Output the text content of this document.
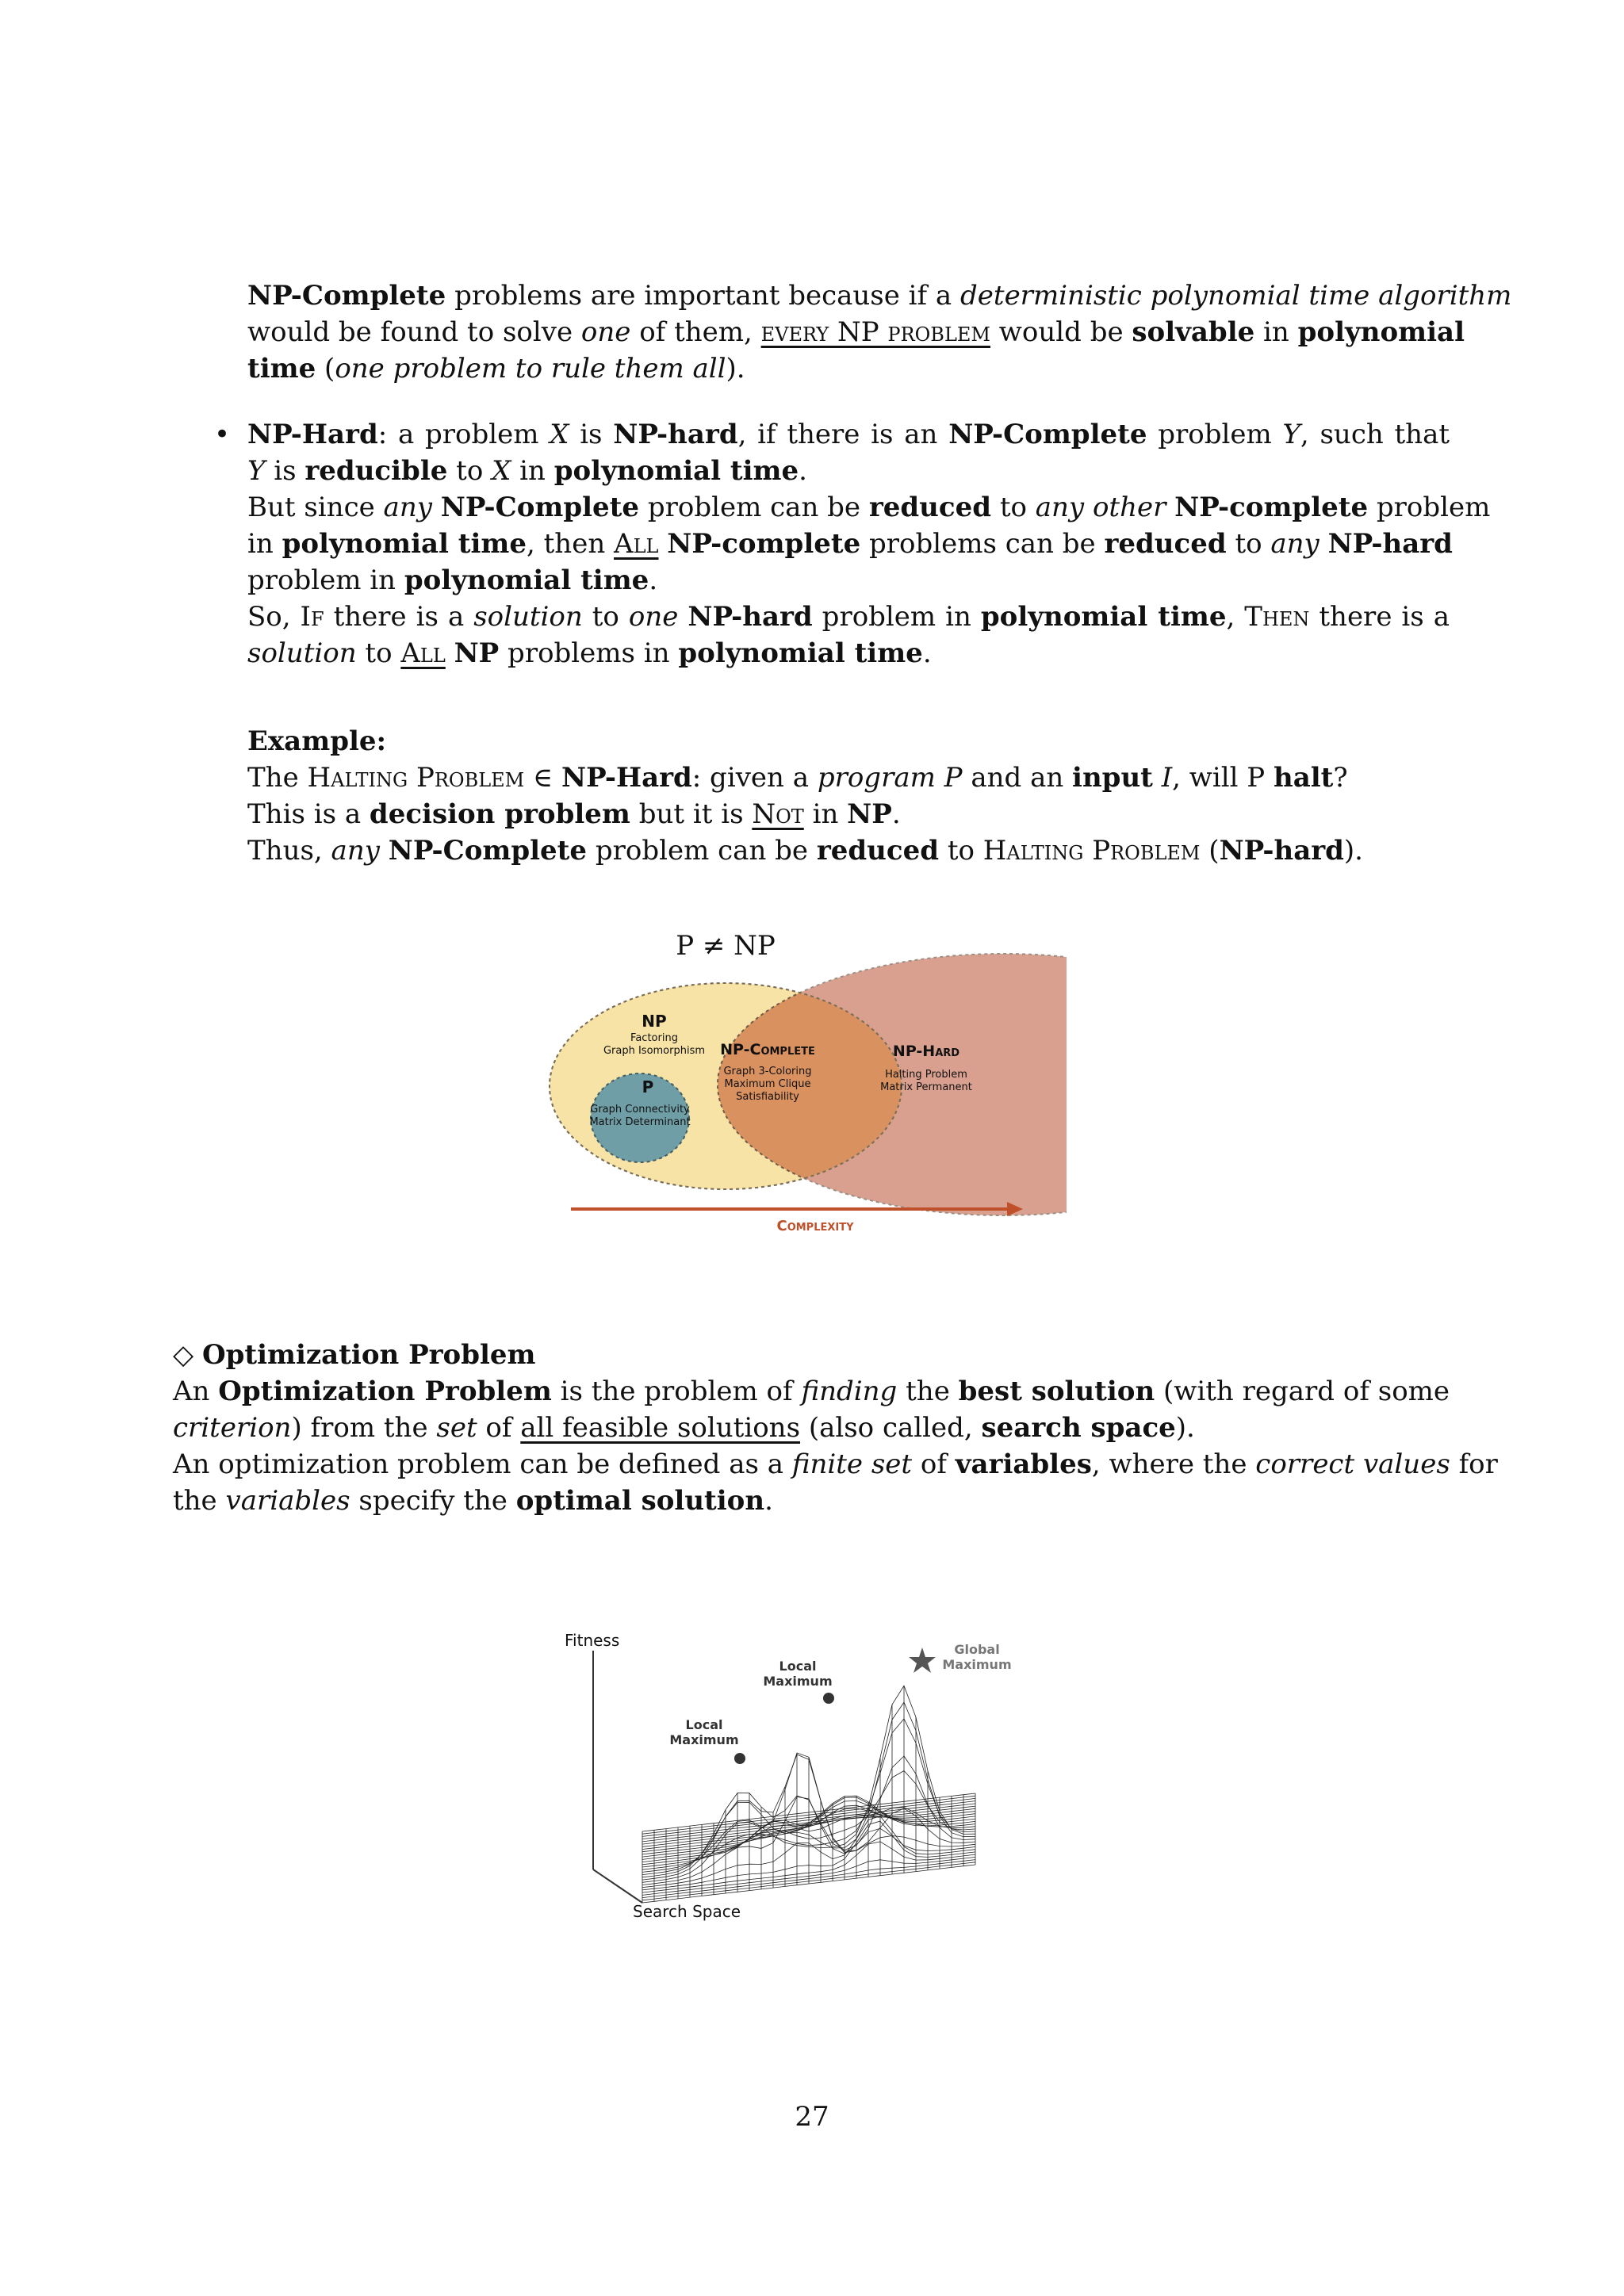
NP-Complete problems are important because if a deterministic polynomial time algorithm
would be found to solve one of them, every NP problem would be solvable in polynomial
time (one problem to rule them all).
• NP-Hard: a problem X is NP-hard, if there is an NP-Complete problem Y, such that
Y is reducible to X in polynomial time.
But since any NP-Complete problem can be reduced to any other NP-complete problem
in polynomial time, then All NP-complete problems can be reduced to any NP-hard
problem in polynomial time.
So, If there is a solution to one NP-hard problem in polynomial time, Then there is a
solution to All NP problems in polynomial time.
Example:
The Halting Problem ∈ NP-Hard: given a program P and an input I, will P halt?
This is a decision problem but it is Not in NP.
Thus, any NP-Complete problem can be reduced to Halting Problem (NP-hard).
P ≠ NP
NP
Factoring
Graph Isomorphism
P
Graph Connectivity
Matrix Determinant
NP-Complete
Graph 3-Coloring
Maximum Clique
Satisfiability
NP-Hard
Halting Problem
Matrix Permanent
Complexity
◇ Optimization Problem
An Optimization Problem is the problem of finding the best solution (with regard of some
criterion) from the set of all feasible solutions (also called, search space).
An optimization problem can be defined as a finite set of variables, where the correct values for
the variables specify the optimal solution.
Fitness
Search Space
Local
Maximum
Local
Maximum
Global
Maximum
27
